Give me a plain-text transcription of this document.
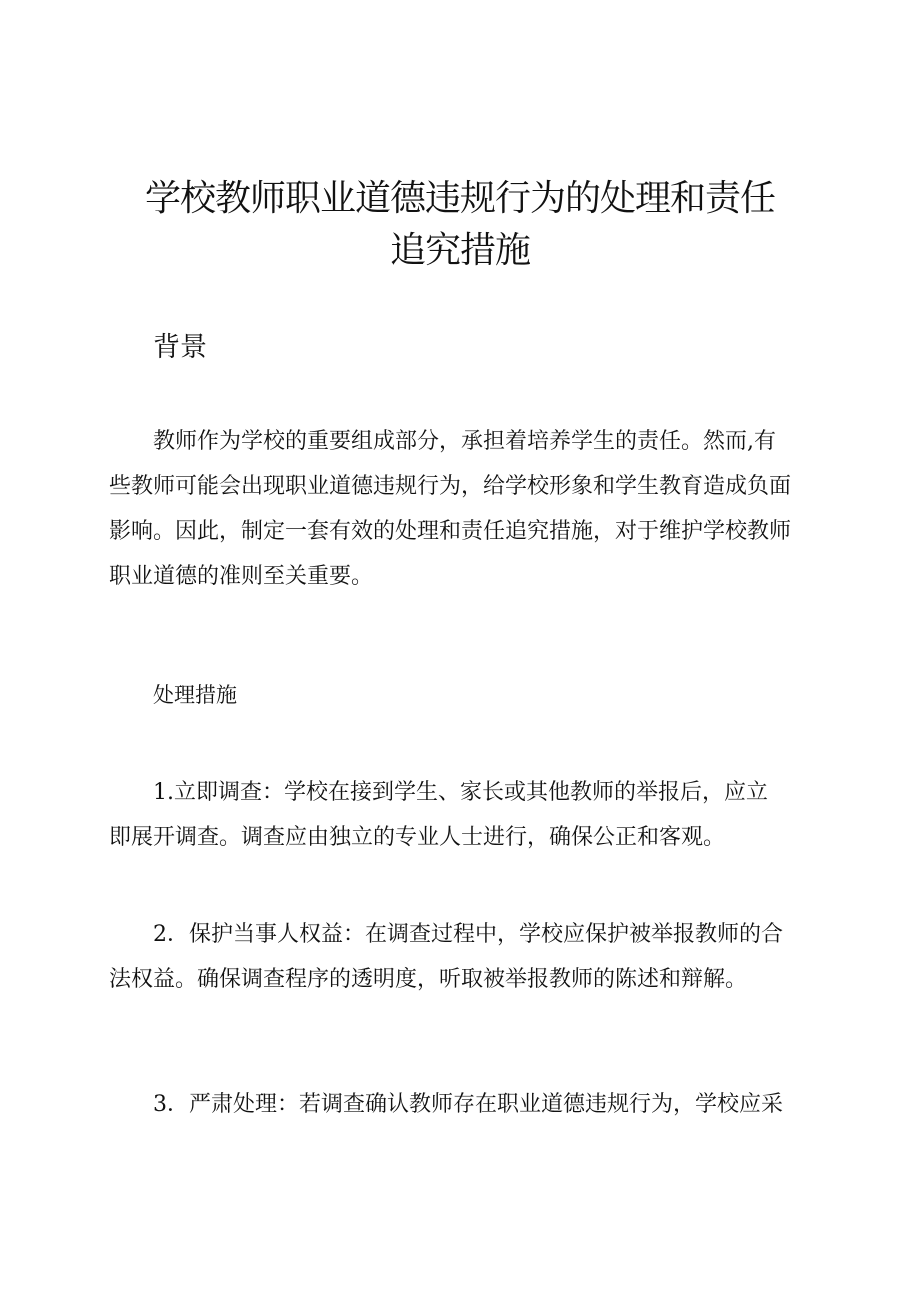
学校教师职业道德违规行为的处理和责任
追究措施
背景

教师作为学校的重要组成部分，承担着培养学生的责任。然而,有
些教师可能会出现职业道德违规行为，给学校形象和学生教育造成负面
影响。因此，制定一套有效的处理和责任追究措施，对于维护学校教师
职业道德的准则至关重要。

处理措施

1.立即调查：学校在接到学生、家长或其他教师的举报后，应立
即展开调查。调查应由独立的专业人士进行，确保公正和客观。

2．保护当事人权益：在调查过程中，学校应保护被举报教师的合
法权益。确保调查程序的透明度，听取被举报教师的陈述和辩解。

3．严肃处理：若调查确认教师存在职业道德违规行为，学校应采
